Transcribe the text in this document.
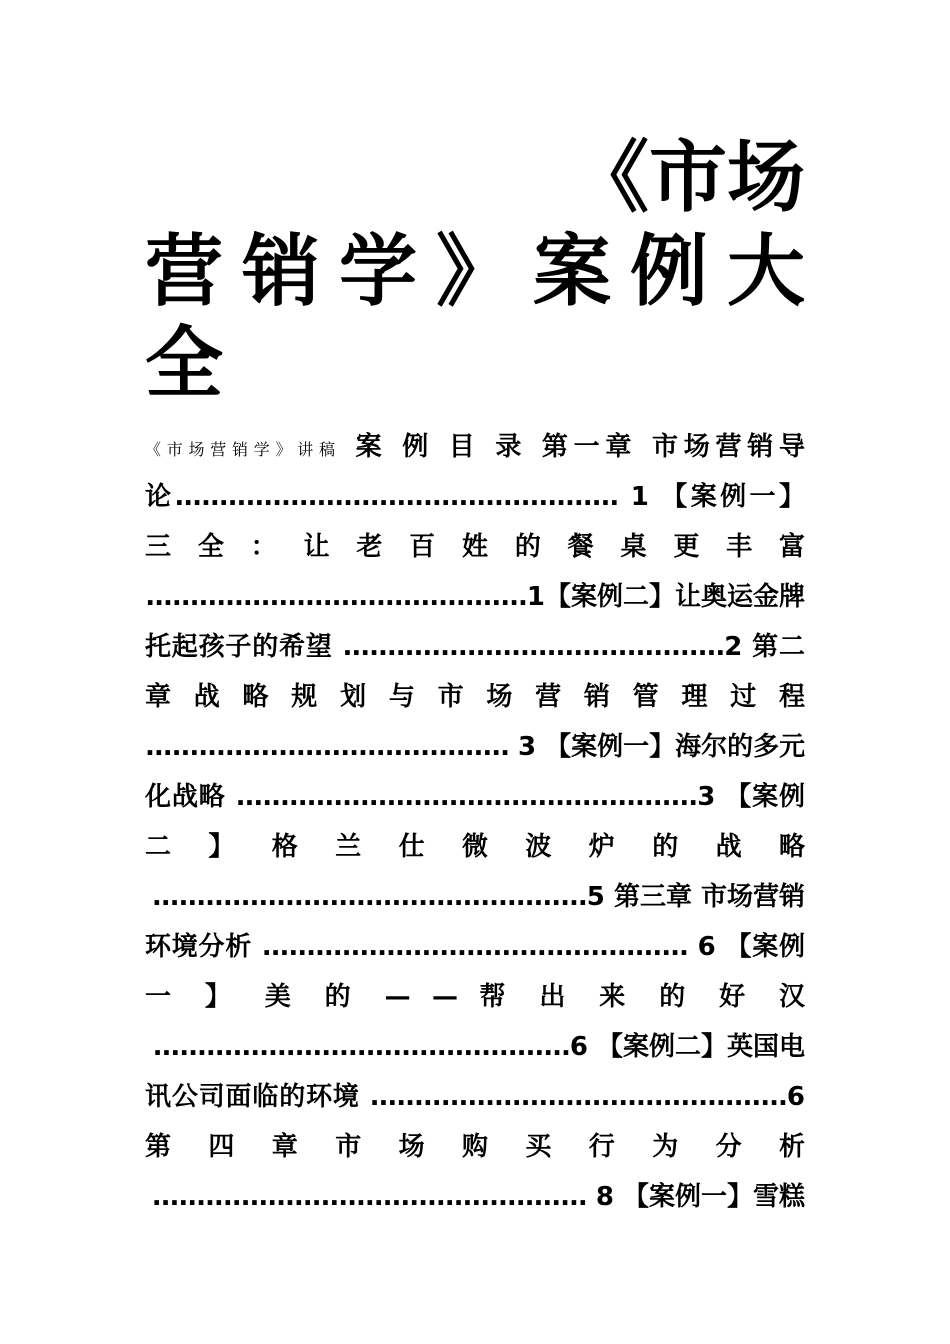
《市场
营销学》案例大
全
《市场营销学》讲稿 案 例 目 录 第一章 市场营销导
论.................................................. 1 【案例一】
三 全 ： 让 老 百 姓 的 餐 桌 更 丰 富
...........................................1【案例二】让奥运金牌
托起孩子的希望 ...........................................2 第二
章 战 略 规 划 与 市 场 营 销 管 理 过 程
......................................... 3 【案例一】海尔的多元
化战略 ....................................................3 【案例
二 】 格 兰 仕 微 波 炉 的 战 略
.................................................5 第三章 市场营销
环境分析 ................................................ 6 【案例
一 】 美 的 — — 帮 出 来 的 好 汉
...............................................6 【案例二】英国电
讯公司面临的环境 ...............................................6
第 四 章 市 场 购 买 行 为 分 析
................................................. 8 【案例一】雪糕
